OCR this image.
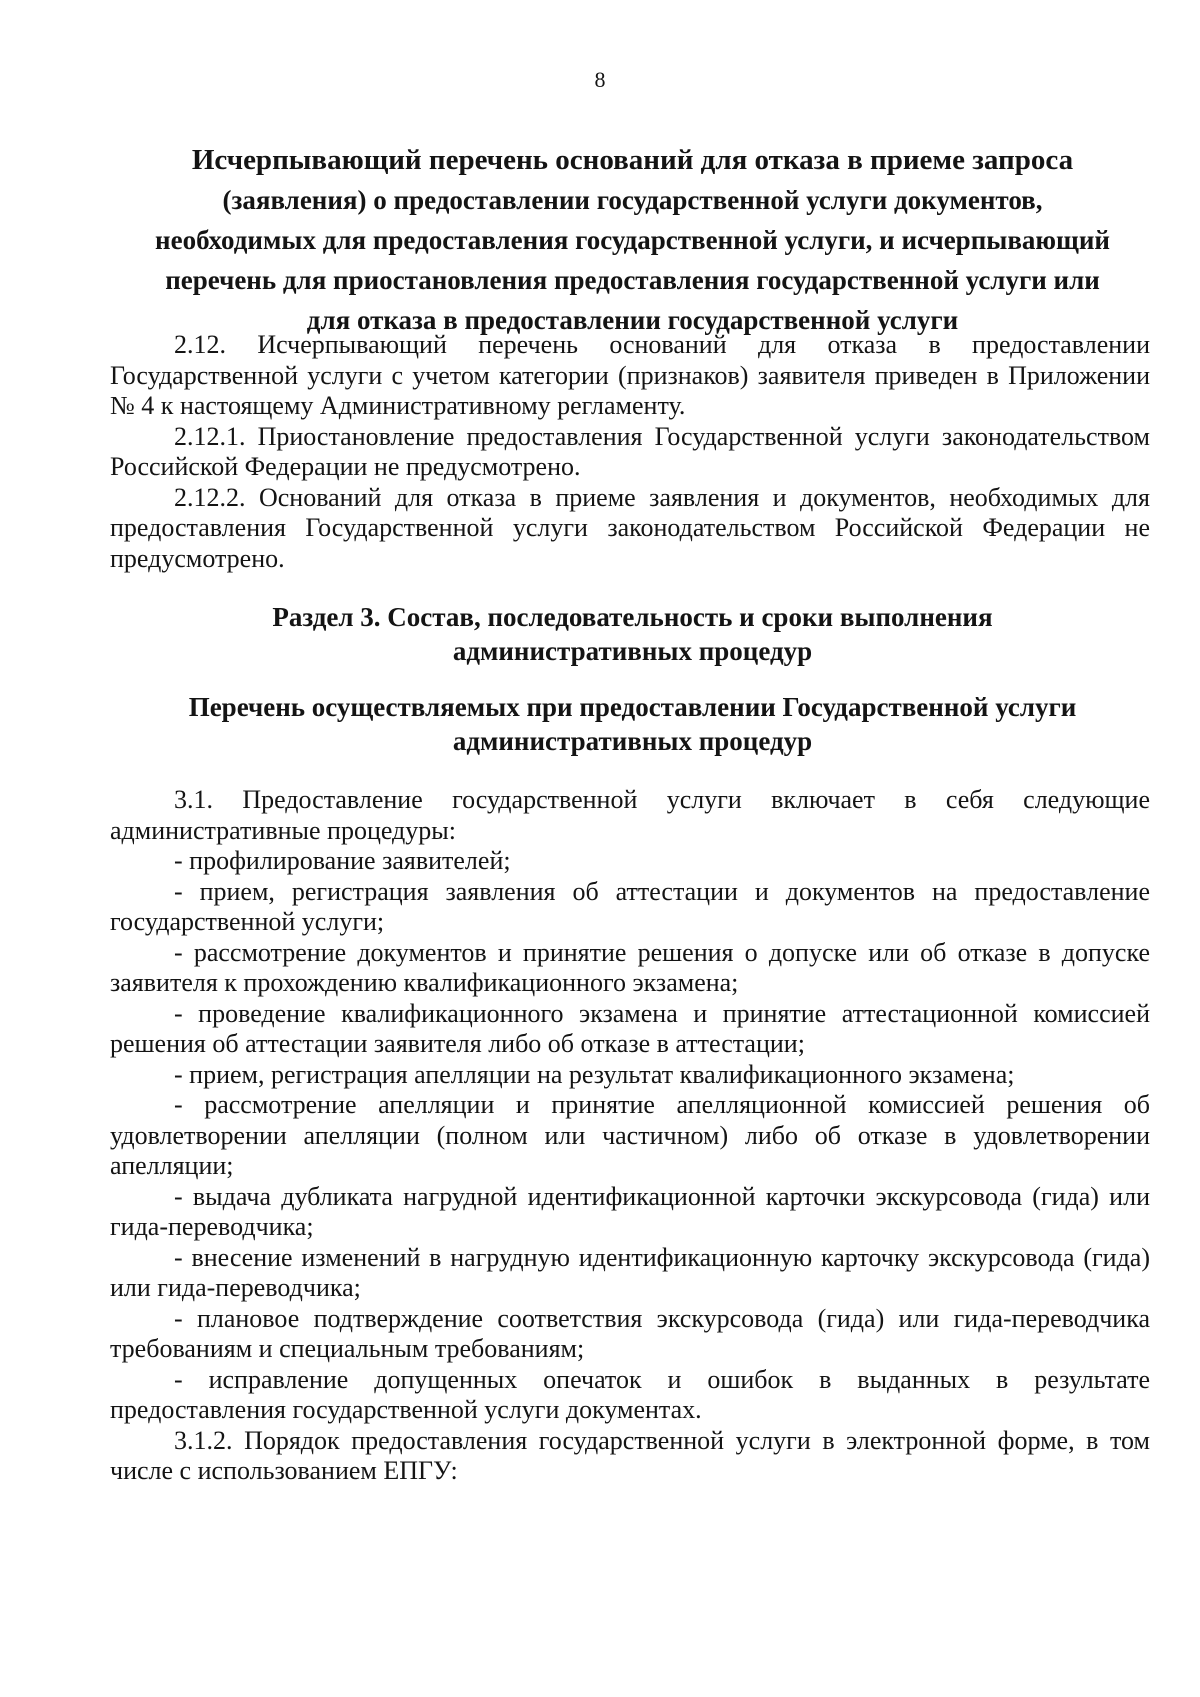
8
Исчерпывающий перечень оснований для отказа в приеме запроса
(заявления) о предоставлении государственной услуги документов,
необходимых для предоставления государственной услуги, и исчерпывающий
перечень для приостановления предоставления государственной услуги или
для отказа в предоставлении государственной услуги

2.12. Исчерпывающий перечень оснований для отказа в предоставлении Государственной услуги с учетом категории (признаков) заявителя приведен в Приложении № 4 к настоящему Административному регламенту.

2.12.1. Приостановление предоставления Государственной услуги законодательством Российской Федерации не предусмотрено.

2.12.2. Оснований для отказа в приеме заявления и документов, необходимых для предоставления Государственной услуги законодательством Российской Федерации не предусмотрено.

Раздел 3. Состав, последовательность и сроки выполнения
административных процедур
Перечень осуществляемых при предоставлении Государственной услуги
административных процедур

3.1. Предоставление государственной услуги включает в себя следующие административные процедуры:

- профилирование заявителей;

- прием, регистрация заявления об аттестации и документов на предоставление государственной услуги;

- рассмотрение документов и принятие решения о допуске или об отказе в допуске заявителя к прохождению квалификационного экзамена;

- проведение квалификационного экзамена и принятие аттестационной комиссией решения об аттестации заявителя либо об отказе в аттестации;

- прием, регистрация апелляции на результат квалификационного экзамена;

- рассмотрение апелляции и принятие апелляционной комиссией решения об удовлетворении апелляции (полном или частичном) либо об отказе в удовлетворении апелляции;

- выдача дубликата нагрудной идентификационной карточки экскурсовода (гида) или гида-переводчика;

- внесение изменений в нагрудную идентификационную карточку экскурсовода (гида) или гида-переводчика;

- плановое подтверждение соответствия экскурсовода (гида) или гида-переводчика требованиям и специальным требованиям;

- исправление допущенных опечаток и ошибок в выданных в результате предоставления государственной услуги документах.

3.1.2. Порядок предоставления государственной услуги в электронной форме, в том числе с использованием ЕПГУ:
